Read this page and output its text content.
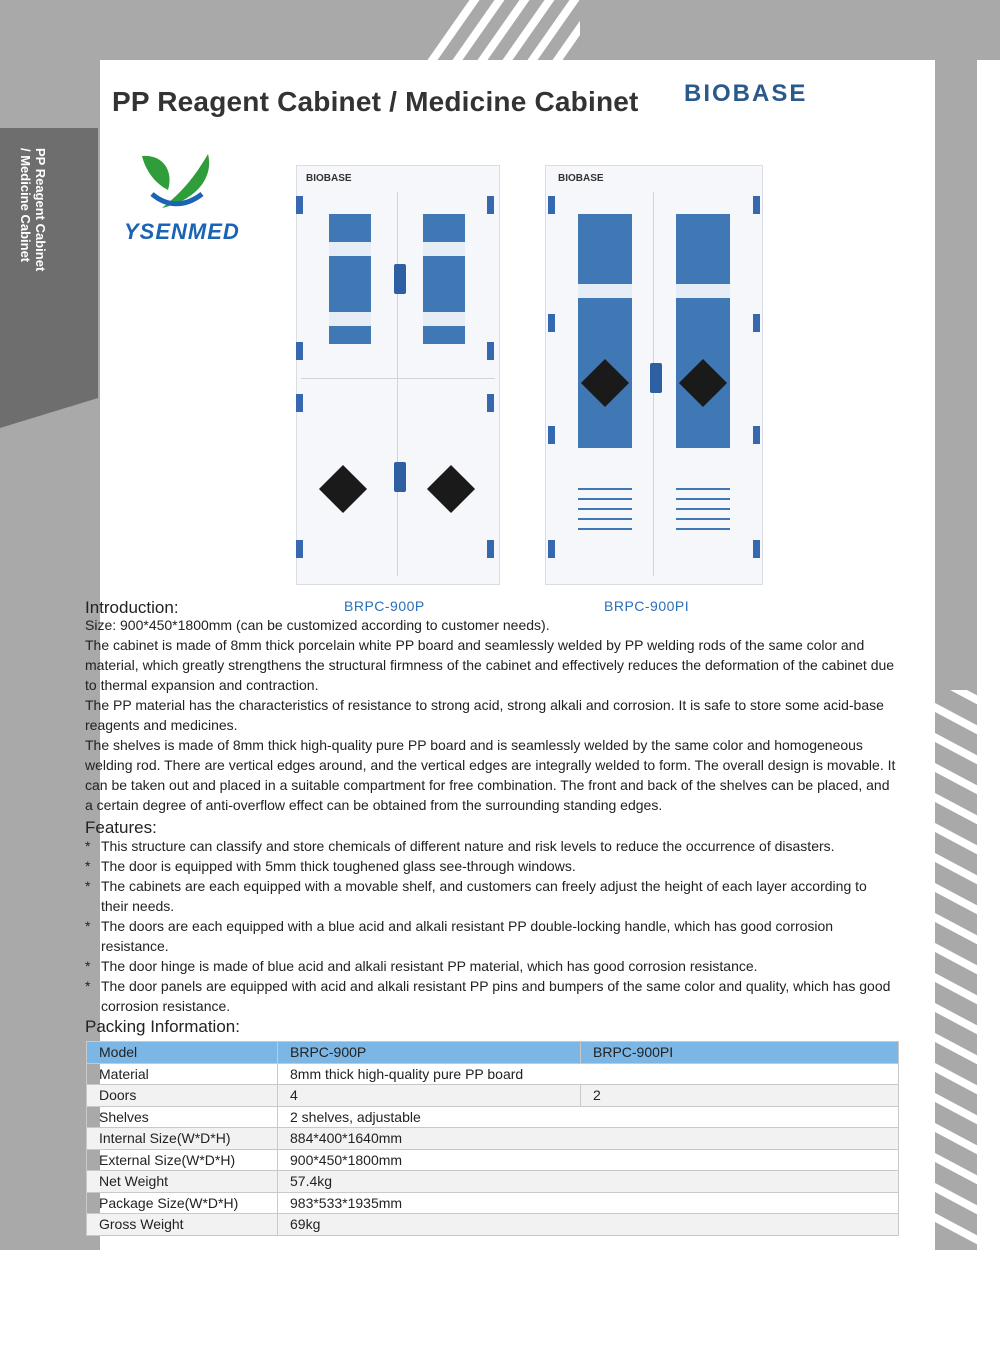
PP Reagent Cabinet
/ Medicine Cabinet
PP Reagent Cabinet / Medicine Cabinet BIOBASE
YSENMED
BIOBASE
BRPC-900P
BIOBASE
BRPC-900PI
Introduction:

Size: 900*450*1800mm (can be customized according to customer needs).

The cabinet is made of 8mm thick porcelain white PP board and seamlessly welded by PP welding rods of the same color and material, which greatly strengthens the structural firmness of the cabinet and effectively reduces the deformation of the cabinet due to thermal expansion and contraction.

The PP material has the characteristics of resistance to strong acid, strong alkali and corrosion. It is safe to store some acid-base reagents and medicines.

The shelves is made of 8mm thick high-quality pure PP board and is seamlessly welded by the same color and homogeneous welding rod. There are vertical edges around, and the vertical edges are integrally welded to form. The overall design is movable. It can be taken out and placed in a suitable compartment for free combination. The front and back of the shelves can be placed, and a certain degree of anti-overflow effect can be obtained from the surrounding standing edges.

Features:
* This structure can classify and store chemicals of different nature and risk levels to reduce the occurrence of disasters.
* The door is equipped with 5mm thick toughened glass see-through windows.
* The cabinets are each equipped with a movable shelf, and customers can freely adjust the height of each layer according to their needs.
* The doors are each equipped with a blue acid and alkali resistant PP double-locking handle, which has good corrosion resistance.
* The door hinge is made of blue acid and alkali resistant PP material, which has good corrosion resistance.
* The door panels are equipped with acid and alkali resistant PP pins and bumpers of the same color and quality, which has good corrosion resistance.
Packing Information:
Model	BRPC-900P	BRPC-900PI
Material	8mm thick high-quality pure PP board	
Doors	4	2
Shelves	2 shelves, adjustable	
Internal Size(W*D*H)	884*400*1640mm	
External Size(W*D*H)	900*450*1800mm	
Net Weight	57.4kg	
Package Size(W*D*H)	983*533*1935mm	
Gross Weight	69kg	
